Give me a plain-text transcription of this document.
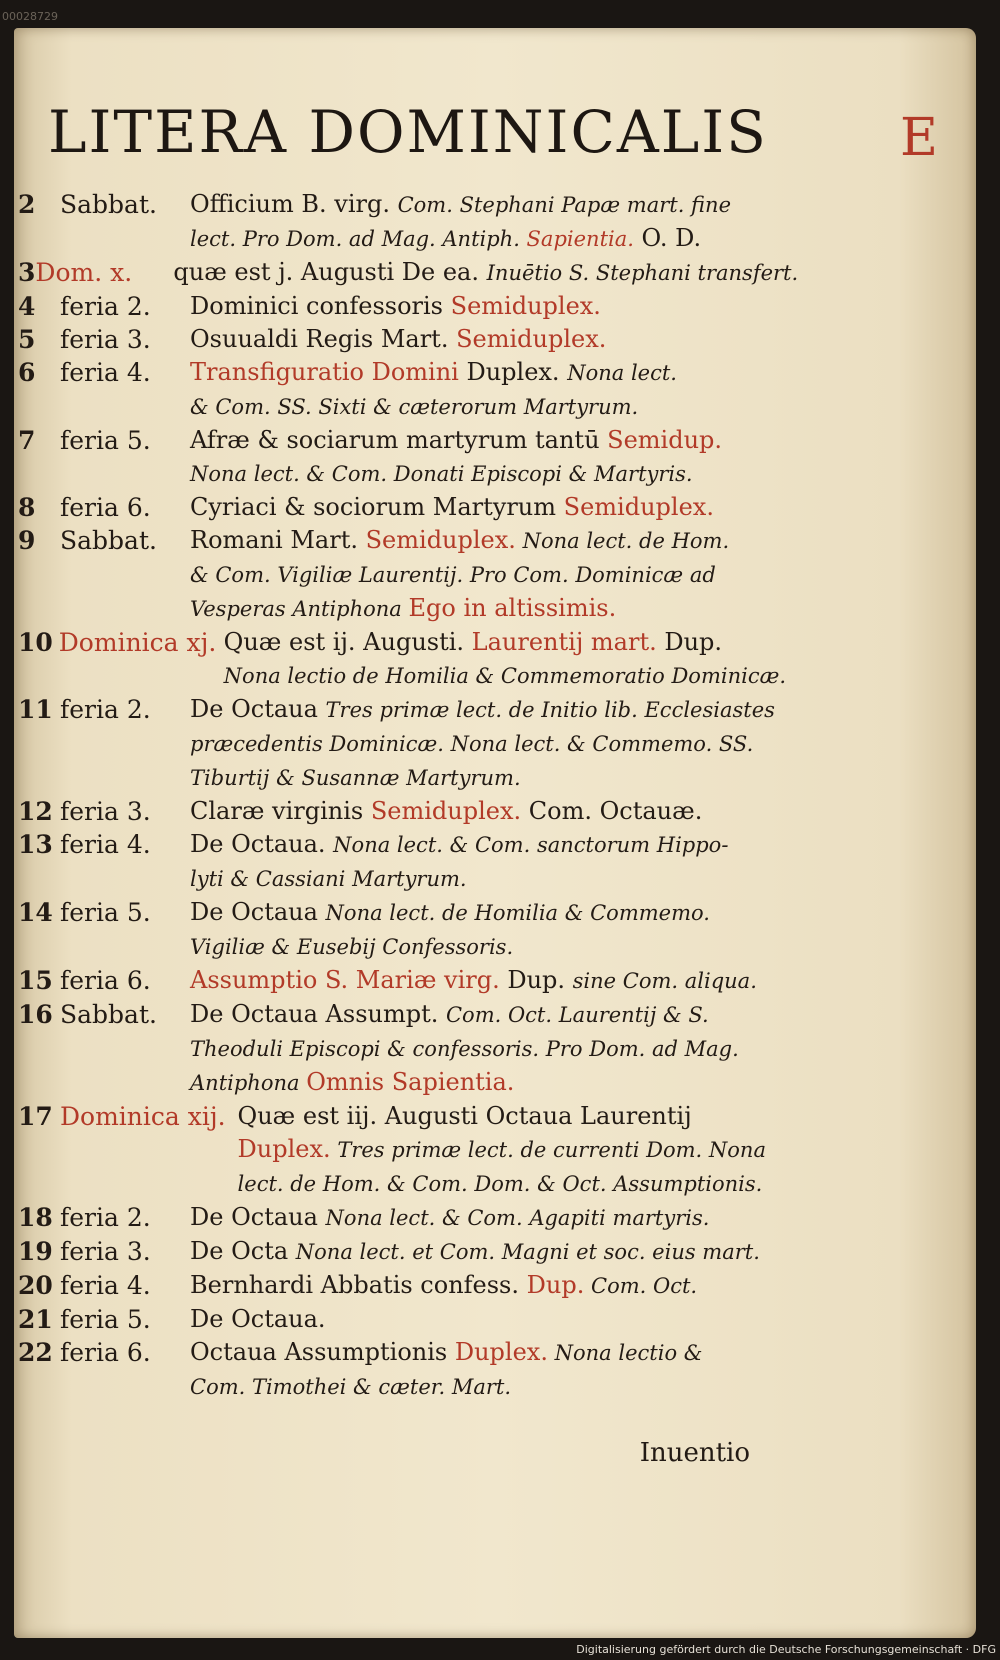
00028729
LITERA DOMINICALIS	E
2 Sabbat.	Officium B. virg. Com. Stephani Papæ mart. fine
lect. Pro Dom. ad Mag. Antiph. Sapientia. O. D.
3 Dom. x.	quæ est j. Augusti De ea. Inuētio S. Stephani transfert.
4 feria 2.	Dominici confessoris Semiduplex.
5 feria 3.	Osuualdi Regis Mart. Semiduplex.
6 feria 4.	Transfiguratio Domini Duplex. Nona lect.
& Com. SS. Sixti & cæterorum Martyrum.
7 feria 5.	Afræ & sociarum martyrum tantū Semidup.
Nona lect. & Com. Donati Episcopi & Martyris.
8 feria 6.	Cyriaci & sociorum Martyrum Semiduplex.
9 Sabbat.	Romani Mart. Semiduplex. Nona lect. de Hom.
& Com. Vigiliæ Laurentij. Pro Com. Dominicæ ad
Vesperas Antiphona Ego in altissimis.
10 Dominica xj. Quæ est ij. Augusti. Laurentij mart. Dup.
Nona lectio de Homilia & Commemoratio Dominicæ.
11 feria 2.	De Octaua Tres primæ lect. de Initio lib. Ecclesiastes
præcedentis Dominicæ. Nona lect. & Commemo. SS.
Tiburtij & Susannæ Martyrum.
12 feria 3.	Claræ virginis Semiduplex. Com. Octauæ.
13 feria 4.	De Octaua. Nona lect. & Com. sanctorum Hippo-
lyti & Cassiani Martyrum.
14 feria 5.	De Octaua Nona lect. de Homilia & Commemo.
Vigiliæ & Eusebij Confessoris.
15 feria 6.	Assumptio S. Mariæ virg. Dup. sine Com. aliqua.
16 Sabbat.	De Octaua Assumpt. Com. Oct. Laurentij & S.
Theoduli Episcopi & confessoris. Pro Dom. ad Mag.
Antiphona Omnis Sapientia.
17 Dominica xij. Quæ est iij. Augusti Octaua Laurentij
Duplex. Tres primæ lect. de currenti Dom. Nona
lect. de Hom. & Com. Dom. & Oct. Assumptionis.
18 feria 2.	De Octaua Nona lect. & Com. Agapiti martyris.
19 feria 3.	De Octa Nona lect. et Com. Magni et soc. eius mart.
20 feria 4.	Bernhardi Abbatis confess. Dup. Com. Oct.
21 feria 5.	De Octaua.
22 feria 6.	Octaua Assumptionis Duplex. Nona lectio &
Com. Timothei & cæter. Mart.
Inuentio
Digitalisierung gefördert durch die Deutsche Forschungsgemeinschaft · DFG
